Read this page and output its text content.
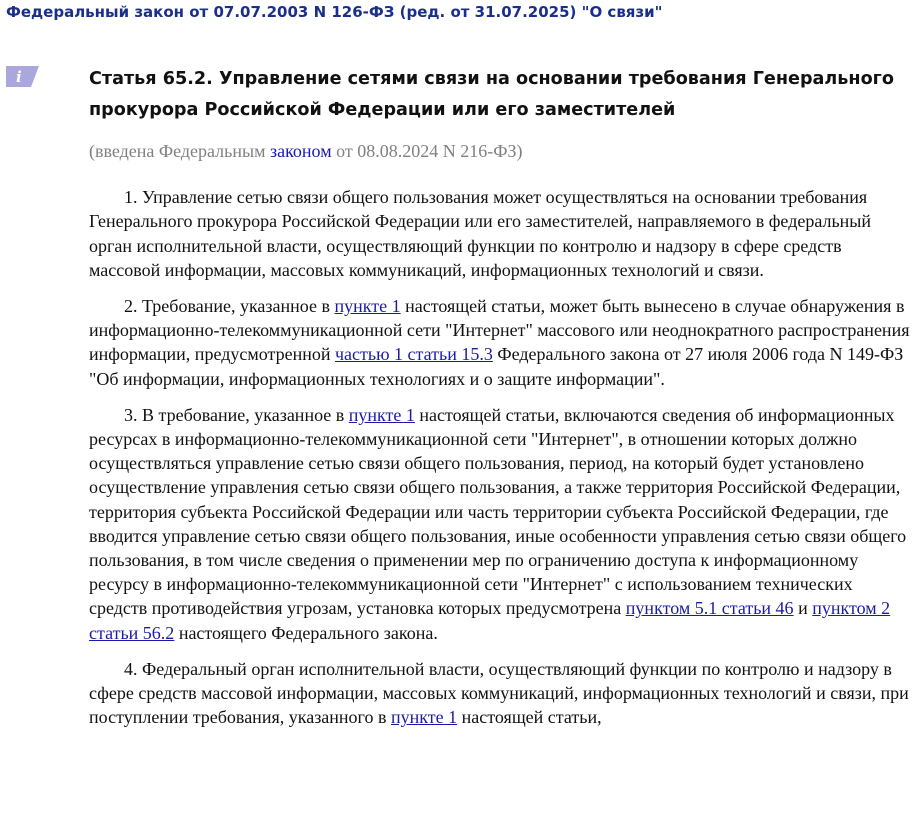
Федеральный закон от 07.07.2003 N 126-ФЗ (ред. от 31.07.2025) "О связи"
i	Статья 65.2. Управление сетями связи на основании требования Генерального прокурора Российской Федерации или его заместителей

(введена Федеральным законом от 08.08.2024 N 216-ФЗ)

1. Управление сетью связи общего пользования может осуществляться на основании требования Генерального прокурора Российской Федерации или его заместителей, направляемого в федеральный орган исполнительной власти, осуществляющий функции по контролю и надзору в сфере средств массовой информации, массовых коммуникаций, информационных технологий и связи.

2. Требование, указанное в пункте 1 настоящей статьи, может быть вынесено в случае обнаружения в информационно-телекоммуникационной сети "Интернет" массового или неоднократного распространения информации, предусмотренной частью 1 статьи 15.3 Федерального закона от 27 июля 2006 года N 149-ФЗ "Об информации, информационных технологиях и о защите информации".

3. В требование, указанное в пункте 1 настоящей статьи, включаются сведения об информационных ресурсах в информационно-телекоммуникационной сети "Интернет", в отношении которых должно осуществляться управление сетью связи общего пользования, период, на который будет установлено осуществление управления сетью связи общего пользования, а также территория Российской Федерации, территория субъекта Российской Федерации или часть территории субъекта Российской Федерации, где вводится управление сетью связи общего пользования, иные особенности управления сетью связи общего пользования, в том числе сведения о применении мер по ограничению доступа к информационному ресурсу в информационно-телекоммуникационной сети "Интернет" с использованием технических средств противодействия угрозам, установка которых предусмотрена пунктом 5.1 статьи 46 и пунктом 2 статьи 56.2 настоящего Федерального закона.

4. Федеральный орган исполнительной власти, осуществляющий функции по контролю и надзору в сфере средств массовой информации, массовых коммуникаций, информационных технологий и связи, при поступлении требования, указанного в пункте 1 настоящей статьи,
